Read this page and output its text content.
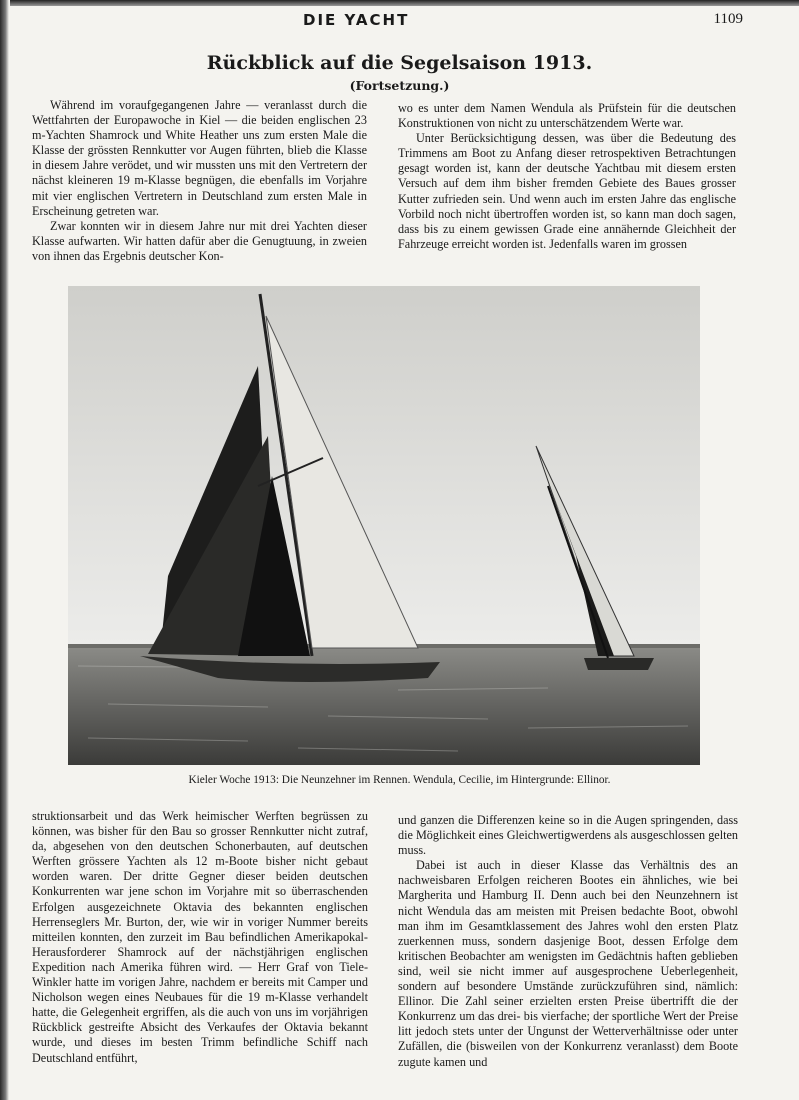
DIE YACHT	1109
Rückblick auf die Segelsaison 1913.
(Fortsetzung.)

Während im voraufgegangenen Jahre — veranlasst durch die Wettfahrten der Europawoche in Kiel — die beiden englischen 23 m-Yachten Shamrock und White Heather uns zum ersten Male die Klasse der grössten Rennkutter vor Augen führten, blieb die Klasse in diesem Jahre verödet, und wir mussten uns mit den Vertretern der nächst kleineren 19 m-Klasse begnügen, die ebenfalls im Vorjahre mit vier englischen Vertretern in Deutschland zum ersten Male in Erscheinung getreten war.

Zwar konnten wir in diesem Jahre nur mit drei Yachten dieser Klasse aufwarten. Wir hatten dafür aber die Genugtuung, in zweien von ihnen das Ergebnis deutscher Kon-

wo es unter dem Namen Wendula als Prüfstein für die deutschen Konstruktionen von nicht zu unterschätzendem Werte war.

Unter Berücksichtigung dessen, was über die Bedeutung des Trimmens am Boot zu Anfang dieser retrospektiven Betrachtungen gesagt worden ist, kann der deutsche Yachtbau mit diesem ersten Versuch auf dem ihm bisher fremden Gebiete des Baues grosser Kutter zufrieden sein. Und wenn auch im ersten Jahre das englische Vorbild noch nicht übertroffen worden ist, so kann man doch sagen, dass bis zu einem gewissen Grade eine annähernde Gleichheit der Fahrzeuge erreicht worden ist. Jedenfalls waren im grossen

Kieler Woche 1913: Die Neunzehner im Rennen. Wendula, Cecilie, im Hintergrunde: Ellinor.

struktionsarbeit und das Werk heimischer Werften begrüssen zu können, was bisher für den Bau so grosser Rennkutter nicht zutraf, da, abgesehen von den deutschen Schonerbauten, auf deutschen Werften grössere Yachten als 12 m-Boote bisher nicht gebaut worden waren. Der dritte Gegner dieser beiden deutschen Konkurrenten war jene schon im Vorjahre mit so überraschenden Erfolgen ausgezeichnete Oktavia des bekannten englischen Herrenseglers Mr. Burton, der, wie wir in voriger Nummer bereits mitteilen konnten, den zurzeit im Bau befindlichen Amerikapokal-Herausforderer Shamrock auf der nächstjährigen englischen Expedition nach Amerika führen wird. — Herr Graf von Tiele-Winkler hatte im vorigen Jahre, nachdem er bereits mit Camper und Nicholson wegen eines Neubaues für die 19 m-Klasse verhandelt hatte, die Gelegenheit ergriffen, als die auch von uns im vorjährigen Rückblick gestreifte Absicht des Verkaufes der Oktavia bekannt wurde, und dieses im besten Trimm befindliche Schiff nach Deutschland entführt,

und ganzen die Differenzen keine so in die Augen springenden, dass die Möglichkeit eines Gleichwertigwerdens als ausgeschlossen gelten muss.

Dabei ist auch in dieser Klasse das Verhältnis des an nachweisbaren Erfolgen reicheren Bootes ein ähnliches, wie bei Margherita und Hamburg II. Denn auch bei den Neunzehnern ist nicht Wendula das am meisten mit Preisen bedachte Boot, obwohl man ihm im Gesamtklassement des Jahres wohl den ersten Platz zuerkennen muss, sondern dasjenige Boot, dessen Erfolge dem kritischen Beobachter am wenigsten im Gedächtnis haften geblieben sind, weil sie nicht immer auf ausgesprochene Ueberlegenheit, sondern auf besondere Umstände zurückzuführen sind, nämlich: Ellinor. Die Zahl seiner erzielten ersten Preise übertrifft die der Konkurrenz um das drei- bis vierfache; der sportliche Wert der Preise litt jedoch stets unter der Ungunst der Wetterverhältnisse oder unter Zufällen, die (bisweilen von der Konkurrenz veranlasst) dem Boote zugute kamen und
